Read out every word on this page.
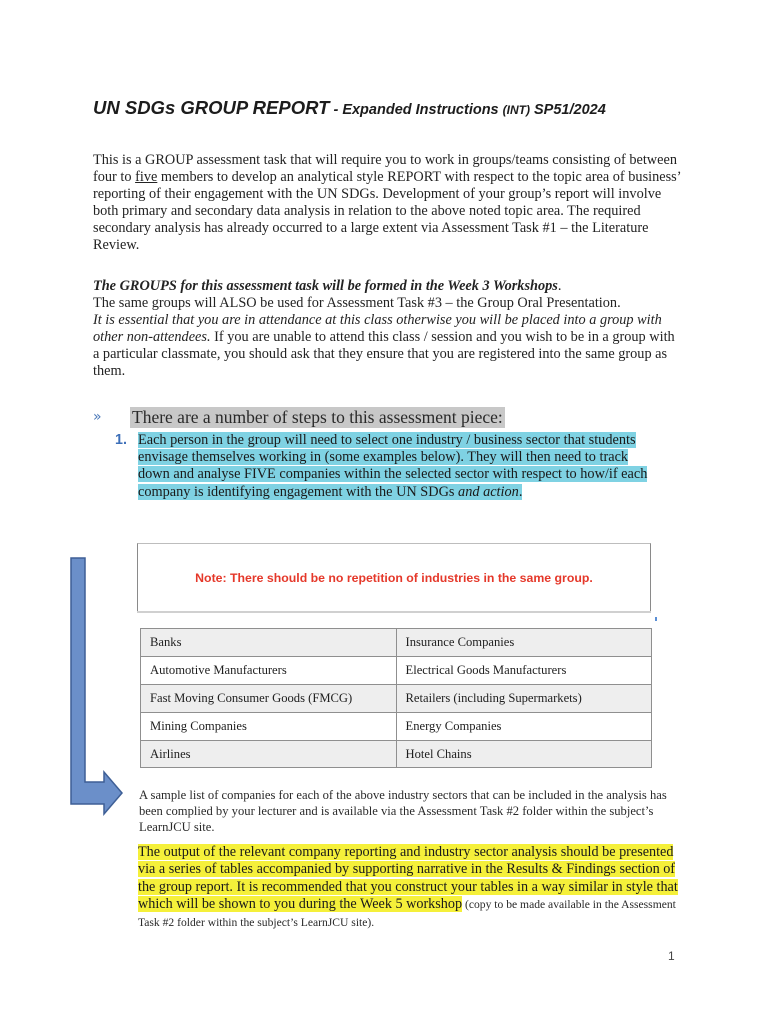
UN SDGs GROUP REPORT - Expanded Instructions (INT) SP51/2024
This is a GROUP assessment task that will require you to work in groups/teams consisting of between four to five members to develop an analytical style REPORT with respect to the topic area of business’ reporting of their engagement with the UN SDGs. Development of your group’s report will involve both primary and secondary data analysis in relation to the above noted topic area. The required secondary analysis has already occurred to a large extent via Assessment Task #1 – the Literature Review.
The GROUPS for this assessment task will be formed in the Week 3 Workshops.
The same groups will ALSO be used for Assessment Task #3 – the Group Oral Presentation.
It is essential that you are in attendance at this class otherwise you will be placed into a group with other non-attendees. If you are unable to attend this class / session and you wish to be in a group with a particular classmate, you should ask that they ensure that you are registered into the same group as them.
» There are a number of steps to this assessment piece:
1. Each person in the group will need to select one industry / business sector that students envisage themselves working in (some examples below). They will then need to track down and analyse FIVE companies within the selected sector with respect to how/if each company is identifying engagement with the UN SDGs and action.
Note: There should be no repetition of industries in the same group.
Banks	Insurance Companies
Automotive Manufacturers	Electrical Goods Manufacturers
Fast Moving Consumer Goods (FMCG)	Retailers (including Supermarkets)
Mining Companies	Energy Companies
Airlines	Hotel Chains
A sample list of companies for each of the above industry sectors that can be included in the analysis has been complied by your lecturer and is available via the Assessment Task #2 folder within the subject’s LearnJCU site.
The output of the relevant company reporting and industry sector analysis should be presented via a series of tables accompanied by supporting narrative in the Results & Findings section of the group report. It is recommended that you construct your tables in a way similar in style that which will be shown to you during the Week 5 workshop (copy to be made available in the Assessment Task #2 folder within the subject’s LearnJCU site).
1
